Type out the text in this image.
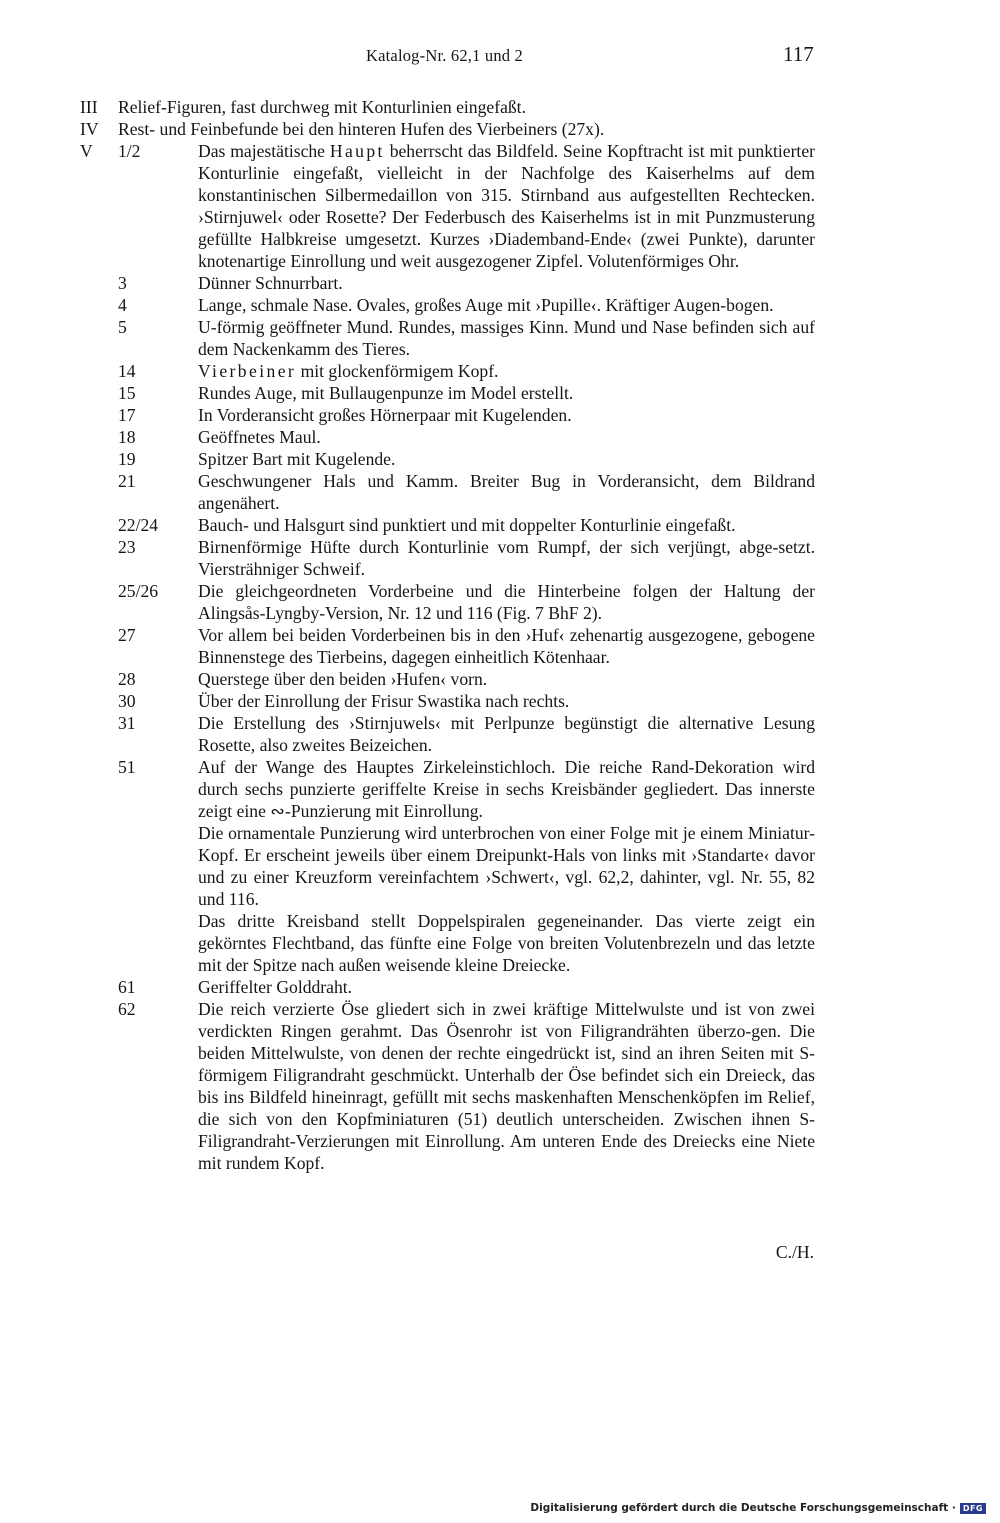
Katalog-Nr. 62,1 und 2	117
III	Relief-Figuren, fast durchweg mit Konturlinien eingefaßt.
IV	Rest- und Feinbefunde bei den hinteren Hufen des Vierbeiners (27x).
V	1/2	Das majestätische Haupt beherrscht das Bildfeld. Seine Kopftracht ist mit punktierter Konturlinie eingefaßt, vielleicht in der Nachfolge des Kaiserhelms auf dem konstantinischen Silbermedaillon von 315. Stirnband aus aufgestellten Rechtecken. ›Stirnjuwel‹ oder Rosette? Der Federbusch des Kaiserhelms ist in mit Punzmusterung gefüllte Halbkreise umgesetzt. Kurzes ›Diademband-Ende‹ (zwei Punkte), darunter knotenartige Einrollung und weit ausgezogener Zipfel. Volutenförmiges Ohr.
3	Dünner Schnurrbart.
4	Lange, schmale Nase. Ovales, großes Auge mit ›Pupille‹. Kräftiger Augen-bogen.
5	U-förmig geöffneter Mund. Rundes, massiges Kinn. Mund und Nase befinden sich auf dem Nackenkamm des Tieres.
14	Vierbeiner mit glockenförmigem Kopf.
15	Rundes Auge, mit Bullaugenpunze im Model erstellt.
17	In Vorderansicht großes Hörnerpaar mit Kugelenden.
18	Geöffnetes Maul.
19	Spitzer Bart mit Kugelende.
21	Geschwungener Hals und Kamm. Breiter Bug in Vorderansicht, dem Bildrand angenähert.
22/24	Bauch- und Halsgurt sind punktiert und mit doppelter Konturlinie eingefaßt.
23	Birnenförmige Hüfte durch Konturlinie vom Rumpf, der sich verjüngt, abge-setzt. Viersträhniger Schweif.
25/26	Die gleichgeordneten Vorderbeine und die Hinterbeine folgen der Haltung der Alingsås-Lyngby-Version, Nr. 12 und 116 (Fig. 7 BhF 2).
27	Vor allem bei beiden Vorderbeinen bis in den ›Huf‹ zehenartig ausgezogene, gebogene Binnenstege des Tierbeins, dagegen einheitlich Kötenhaar.
28	Querstege über den beiden ›Hufen‹ vorn.
30	Über der Einrollung der Frisur Swastika nach rechts.
31	Die Erstellung des ›Stirnjuwels‹ mit Perlpunze begünstigt die alternative Lesung Rosette, also zweites Beizeichen.
51	Auf der Wange des Hauptes Zirkeleinstichloch. Die reiche Rand-Dekoration wird durch sechs punzierte geriffelte Kreise in sechs Kreisbänder gegliedert. Das innerste zeigt eine ∾-Punzierung mit Einrollung.
Die ornamentale Punzierung wird unterbrochen von einer Folge mit je einem Miniatur-Kopf. Er erscheint jeweils über einem Dreipunkt-Hals von links mit ›Standarte‹ davor und zu einer Kreuzform vereinfachtem ›Schwert‹, vgl. 62,2, dahinter, vgl. Nr. 55, 82 und 116.
Das dritte Kreisband stellt Doppelspiralen gegeneinander. Das vierte zeigt ein gekörntes Flechtband, das fünfte eine Folge von breiten Volutenbrezeln und das letzte mit der Spitze nach außen weisende kleine Dreiecke.
61	Geriffelter Golddraht.
62	Die reich verzierte Öse gliedert sich in zwei kräftige Mittelwulste und ist von zwei verdickten Ringen gerahmt. Das Ösenrohr ist von Filigrandrähten überzo-gen. Die beiden Mittelwulste, von denen der rechte eingedrückt ist, sind an ihren Seiten mit S-förmigem Filigrandraht geschmückt. Unterhalb der Öse befindet sich ein Dreieck, das bis ins Bildfeld hineinragt, gefüllt mit sechs maskenhaften Menschenköpfen im Relief, die sich von den Kopfminiaturen (51) deutlich unterscheiden. Zwischen ihnen S-Filigrandraht-Verzierungen mit Einrollung. Am unteren Ende des Dreiecks eine Niete mit rundem Kopf.
C./H.
Digitalisierung gefördert durch die Deutsche Forschungsgemeinschaft · DFG
